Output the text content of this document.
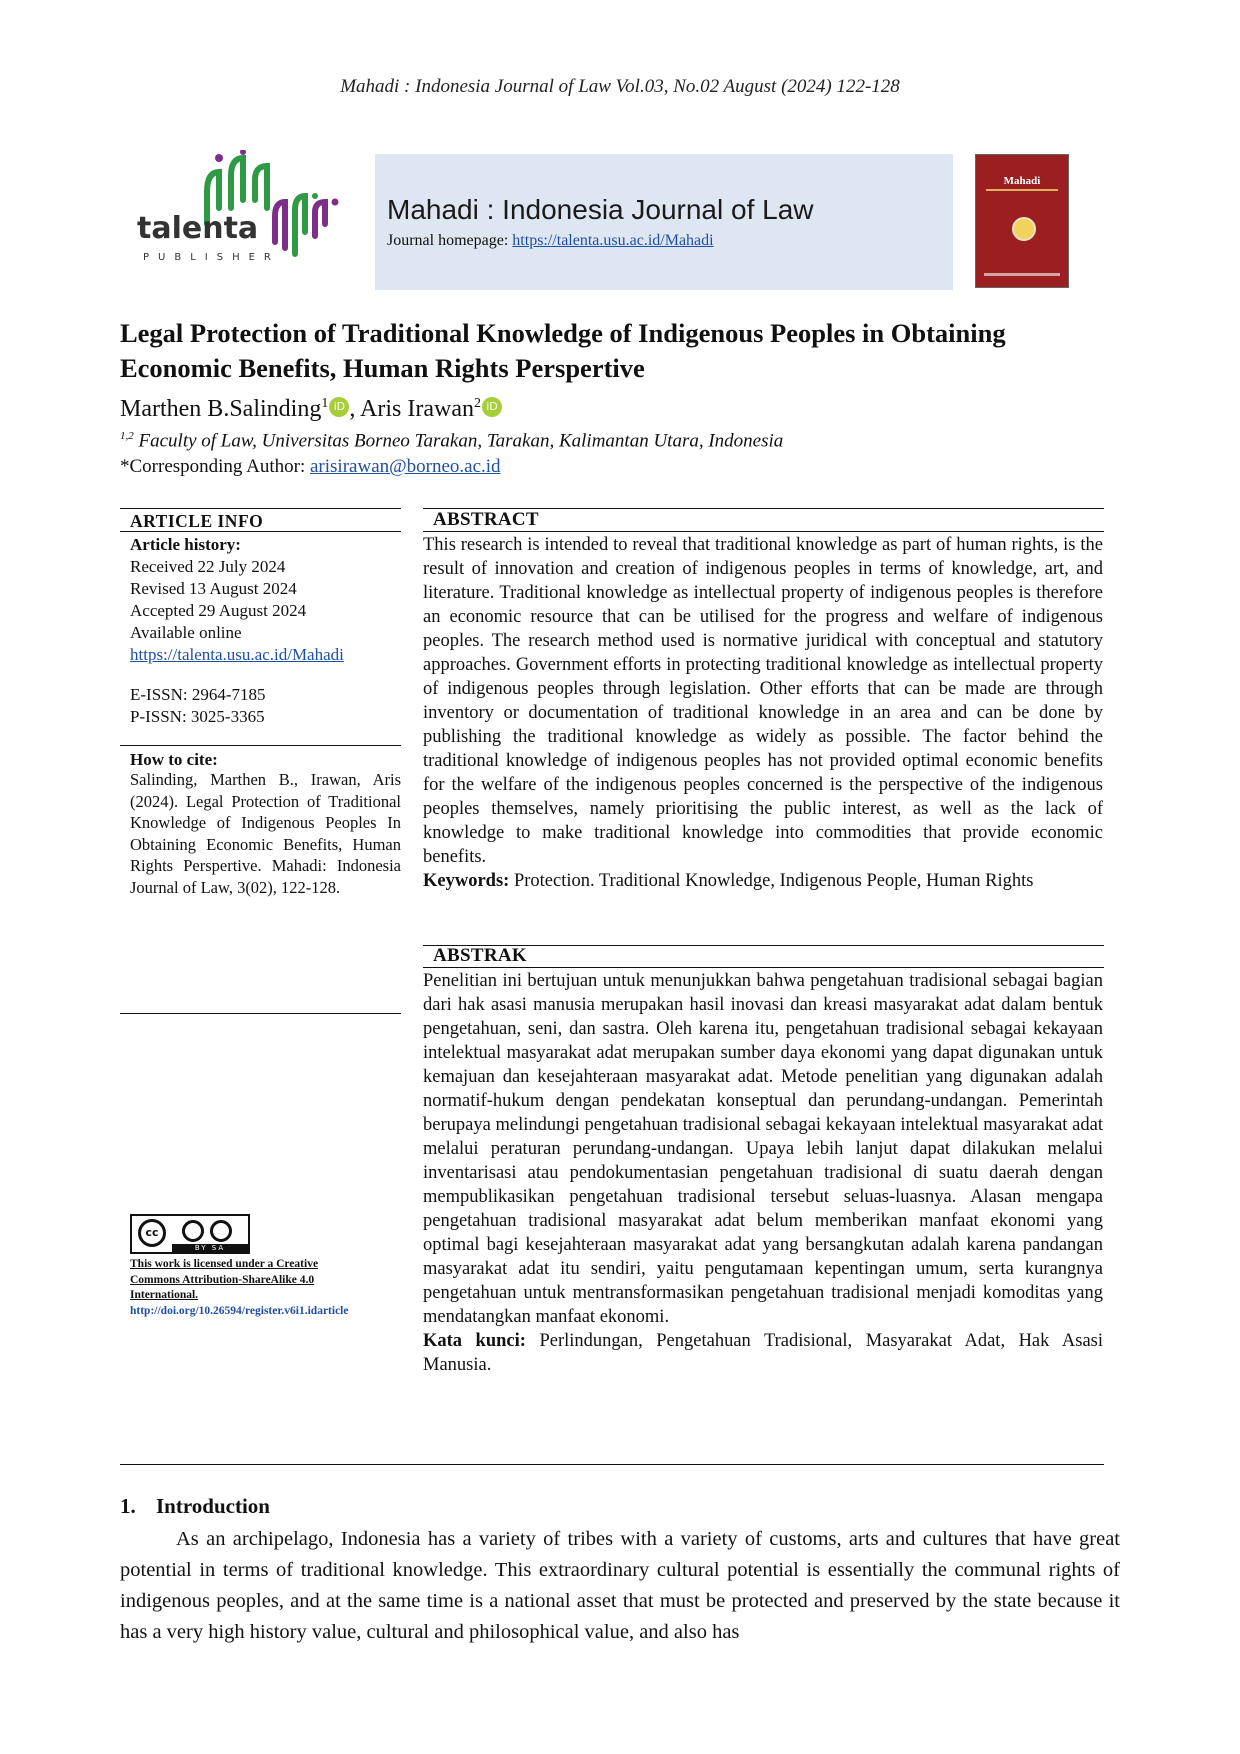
Mahadi : Indonesia Journal of Law Vol.03, No.02 August (2024) 122-128
talenta
PUBLISHER
Mahadi : Indonesia Journal of Law
Journal homepage: https://talenta.usu.ac.id/Mahadi
Mahadi
Legal Protection of Traditional Knowledge of Indigenous Peoples in Obtaining
Economic Benefits, Human Rights Perspertive
Marthen B.Salinding$^1$ iD , Aris Irawan$^2$ iD
$^{1,2}$ Faculty of Law, Universitas Borneo Tarakan, Tarakan, Kalimantan Utara, Indonesia
*Corresponding Author: arisirawan@borneo.ac.id
ARTICLE INFO
Article history:
Received 22 July 2024
Revised 13 August 2024
Accepted 29 August 2024
Available online
https://talenta.usu.ac.id/Mahadi
E-ISSN: 2964-7185
P-ISSN: 3025-3365
How to cite:
Salinding, Marthen B., Irawan, Aris (2024). Legal Protection of Traditional Knowledge of Indigenous Peoples In Obtaining Economic Benefits, Human Rights Perspertive. Mahadi: Indonesia Journal of Law, 3(02), 122-128.
cc
BY SA
This work is licensed under a Creative
Commons Attribution-ShareAlike 4.0
International.
http://doi.org/10.26594/register.v6i1.idarticle
ABSTRACT
This research is intended to reveal that traditional knowledge as part of human rights, is the result of innovation and creation of indigenous peoples in terms of knowledge, art, and literature. Traditional knowledge as intellectual property of indigenous peoples is therefore an economic resource that can be utilised for the progress and welfare of indigenous peoples. The research method used is normative juridical with conceptual and statutory approaches. Government efforts in protecting traditional knowledge as intellectual property of indigenous peoples through legislation. Other efforts that can be made are through inventory or documentation of traditional knowledge in an area and can be done by publishing the traditional knowledge as widely as possible. The factor behind the traditional knowledge of indigenous peoples has not provided optimal economic benefits for the welfare of the indigenous peoples concerned is the perspective of the indigenous peoples themselves, namely prioritising the public interest, as well as the lack of knowledge to make traditional knowledge into commodities that provide economic benefits.
Keywords: Protection. Traditional Knowledge, Indigenous People, Human Rights
ABSTRAK
Penelitian ini bertujuan untuk menunjukkan bahwa pengetahuan tradisional sebagai bagian dari hak asasi manusia merupakan hasil inovasi dan kreasi masyarakat adat dalam bentuk pengetahuan, seni, dan sastra. Oleh karena itu, pengetahuan tradisional sebagai kekayaan intelektual masyarakat adat merupakan sumber daya ekonomi yang dapat digunakan untuk kemajuan dan kesejahteraan masyarakat adat. Metode penelitian yang digunakan adalah normatif-hukum dengan pendekatan konseptual dan perundang-undangan. Pemerintah berupaya melindungi pengetahuan tradisional sebagai kekayaan intelektual masyarakat adat melalui peraturan perundang-undangan. Upaya lebih lanjut dapat dilakukan melalui inventarisasi atau pendokumentasian pengetahuan tradisional di suatu daerah dengan mempublikasikan pengetahuan tradisional tersebut seluas-luasnya. Alasan mengapa pengetahuan tradisional masyarakat adat belum memberikan manfaat ekonomi yang optimal bagi kesejahteraan masyarakat adat yang bersangkutan adalah karena pandangan masyarakat adat itu sendiri, yaitu pengutamaan kepentingan umum, serta kurangnya pengetahuan untuk mentransformasikan pengetahuan tradisional menjadi komoditas yang mendatangkan manfaat ekonomi.
Kata kunci: Perlindungan, Pengetahuan Tradisional, Masyarakat Adat, Hak Asasi Manusia.
1. Introduction
As an archipelago, Indonesia has a variety of tribes with a variety of customs, arts and cultures that have great potential in terms of traditional knowledge. This extraordinary cultural potential is essentially the communal rights of indigenous peoples, and at the same time is a national asset that must be protected and preserved by the state because it has a very high history value, cultural and philosophical value, and also has
